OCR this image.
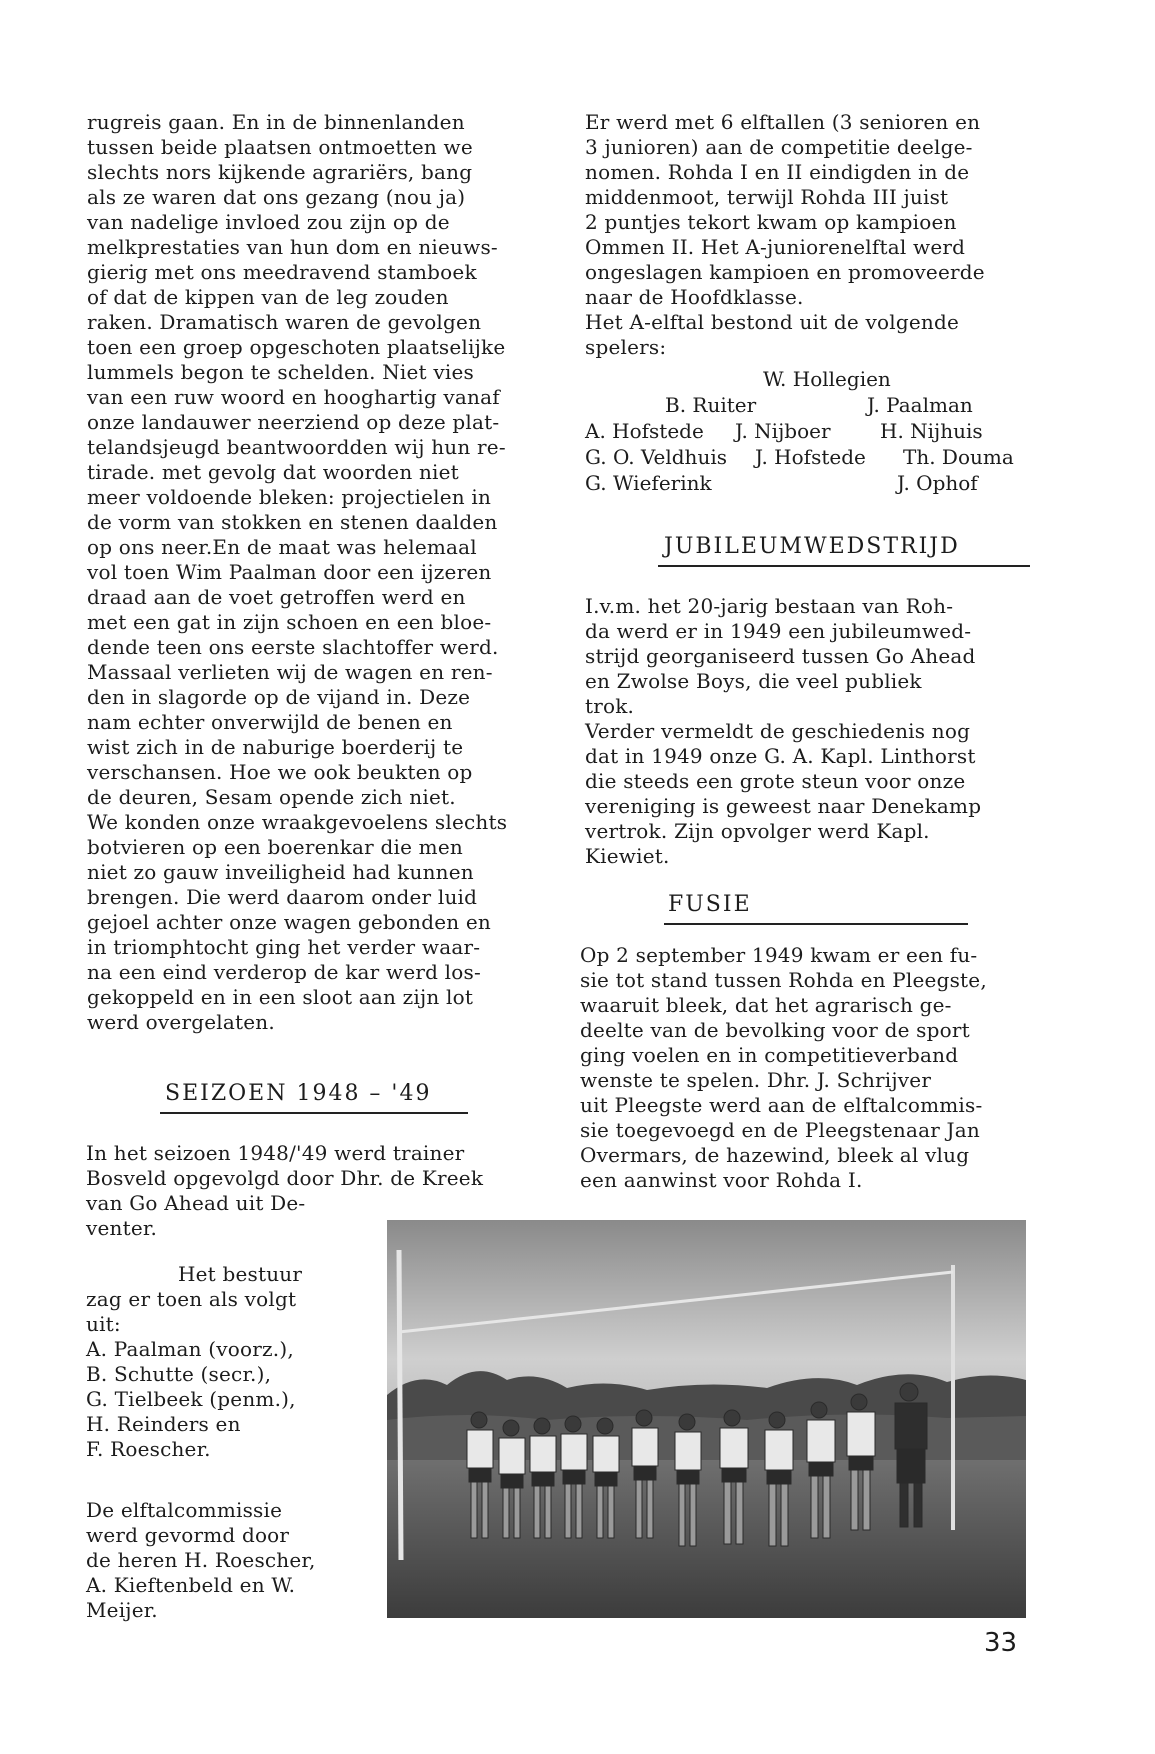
rugreis gaan. En in de binnenlanden
tussen beide plaatsen ontmoetten we
slechts nors kijkende agrariërs, bang
als ze waren dat ons gezang (nou ja)
van nadelige invloed zou zijn op de
melkprestaties van hun dom en nieuws-
gierig met ons meedravend stamboek
of dat de kippen van de leg zouden
raken. Dramatisch waren de gevolgen
toen een groep opgeschoten plaatselijke
lummels begon te schelden. Niet vies
van een ruw woord en hooghartig vanaf
onze landauwer neerziend op deze plat-
telandsjeugd beantwoordden wij hun re-
tirade. met gevolg dat woorden niet
meer voldoende bleken: projectielen in
de vorm van stokken en stenen daalden
op ons neer.En de maat was helemaal
vol toen Wim Paalman door een ijzeren
draad aan de voet getroffen werd en
met een gat in zijn schoen en een bloe-
dende teen ons eerste slachtoffer werd.
Massaal verlieten wij de wagen en ren-
den in slagorde op de vijand in. Deze
nam echter onverwijld de benen en
wist zich in de naburige boerderij te
verschansen. Hoe we ook beukten op
de deuren, Sesam opende zich niet.
We konden onze wraakgevoelens slechts
botvieren op een boerenkar die men
niet zo gauw inveiligheid had kunnen
brengen. Die werd daarom onder luid
gejoel achter onze wagen gebonden en
in triomphtocht ging het verder waar-
na een eind verderop de kar werd los-
gekoppeld en in een sloot aan zijn lot
werd overgelaten.
SEIZOEN 1948 – '49
In het seizoen 1948/'49 werd trainer
Bosveld opgevolgd door Dhr. de Kreek
van Go Ahead uit De-
venter.
Het bestuur
zag er toen als volgt
uit:
A. Paalman (voorz.),
B. Schutte (secr.),
G. Tielbeek (penm.),
H. Reinders en
F. Roescher.
De elftalcommissie
werd gevormd door
de heren H. Roescher,
A. Kieftenbeld en W.
Meijer.
Er werd met 6 elftallen (3 senioren en
3 junioren) aan de competitie deelge-
nomen. Rohda I en II eindigden in de
middenmoot, terwijl Rohda III juist
2 puntjes tekort kwam op kampioen
Ommen II. Het A-juniorenelftal werd
ongeslagen kampioen en promoveerde
naar de Hoofdklasse.
Het A-elftal bestond uit de volgende
spelers:
W. Hollegien
B. Ruiter	J. Paalman
A. Hofstede J. Nijboer H. Nijhuis
G. O. Veldhuis J. Hofstede Th. Douma
G. Wieferink	J. Ophof
JUBILEUMWEDSTRIJD
I.v.m. het 20-jarig bestaan van Roh-
da werd er in 1949 een jubileumwed-
strijd georganiseerd tussen Go Ahead
en Zwolse Boys, die veel publiek
trok.
Verder vermeldt de geschiedenis nog
dat in 1949 onze G. A. Kapl. Linthorst
die steeds een grote steun voor onze
vereniging is geweest naar Denekamp
vertrok. Zijn opvolger werd Kapl.
Kiewiet.
FUSIE
Op 2 september 1949 kwam er een fu-
sie tot stand tussen Rohda en Pleegste,
waaruit bleek, dat het agrarisch ge-
deelte van de bevolking voor de sport
ging voelen en in competitieverband
wenste te spelen. Dhr. J. Schrijver
uit Pleegste werd aan de elftalcommis-
sie toegevoegd en de Pleegstenaar Jan
Overmars, de hazewind, bleek al vlug
een aanwinst voor Rohda I.
33
